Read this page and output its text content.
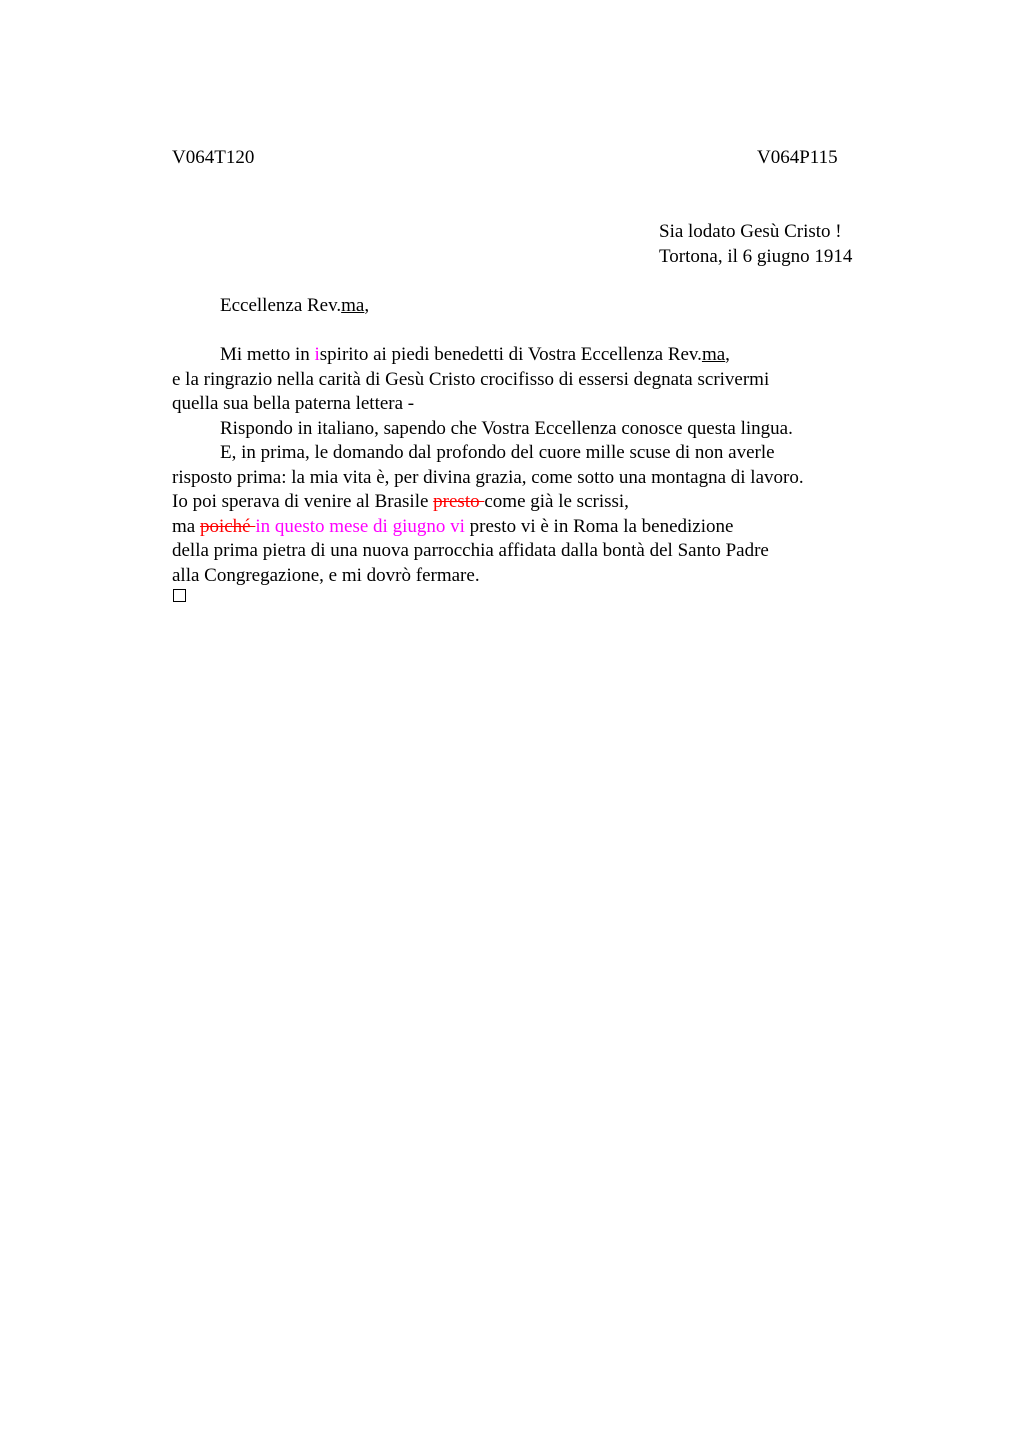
V064T120	V064P115
Sia lodato Gesù Cristo !
Tortona, il 6 giugno 1914
Eccellenza Rev.ma,
Mi metto in ispirito ai piedi benedetti di Vostra Eccellenza Rev.ma,
e la ringrazio nella carità di Gesù Cristo crocifisso di essersi degnata scrivermi
quella sua bella paterna lettera -
Rispondo in italiano, sapendo che Vostra Eccellenza conosce questa lingua.
E, in prima, le domando dal profondo del cuore mille scuse di non averle
risposto prima: la mia vita è, per divina grazia, come sotto una montagna di lavoro.
Io poi sperava di venire al Brasile presto come già le scrissi,
ma poiché in questo mese di giugno vi presto vi è in Roma la benedizione
della prima pietra di una nuova parrocchia affidata dalla bontà del Santo Padre
alla Congregazione, e mi dovrò fermare.
